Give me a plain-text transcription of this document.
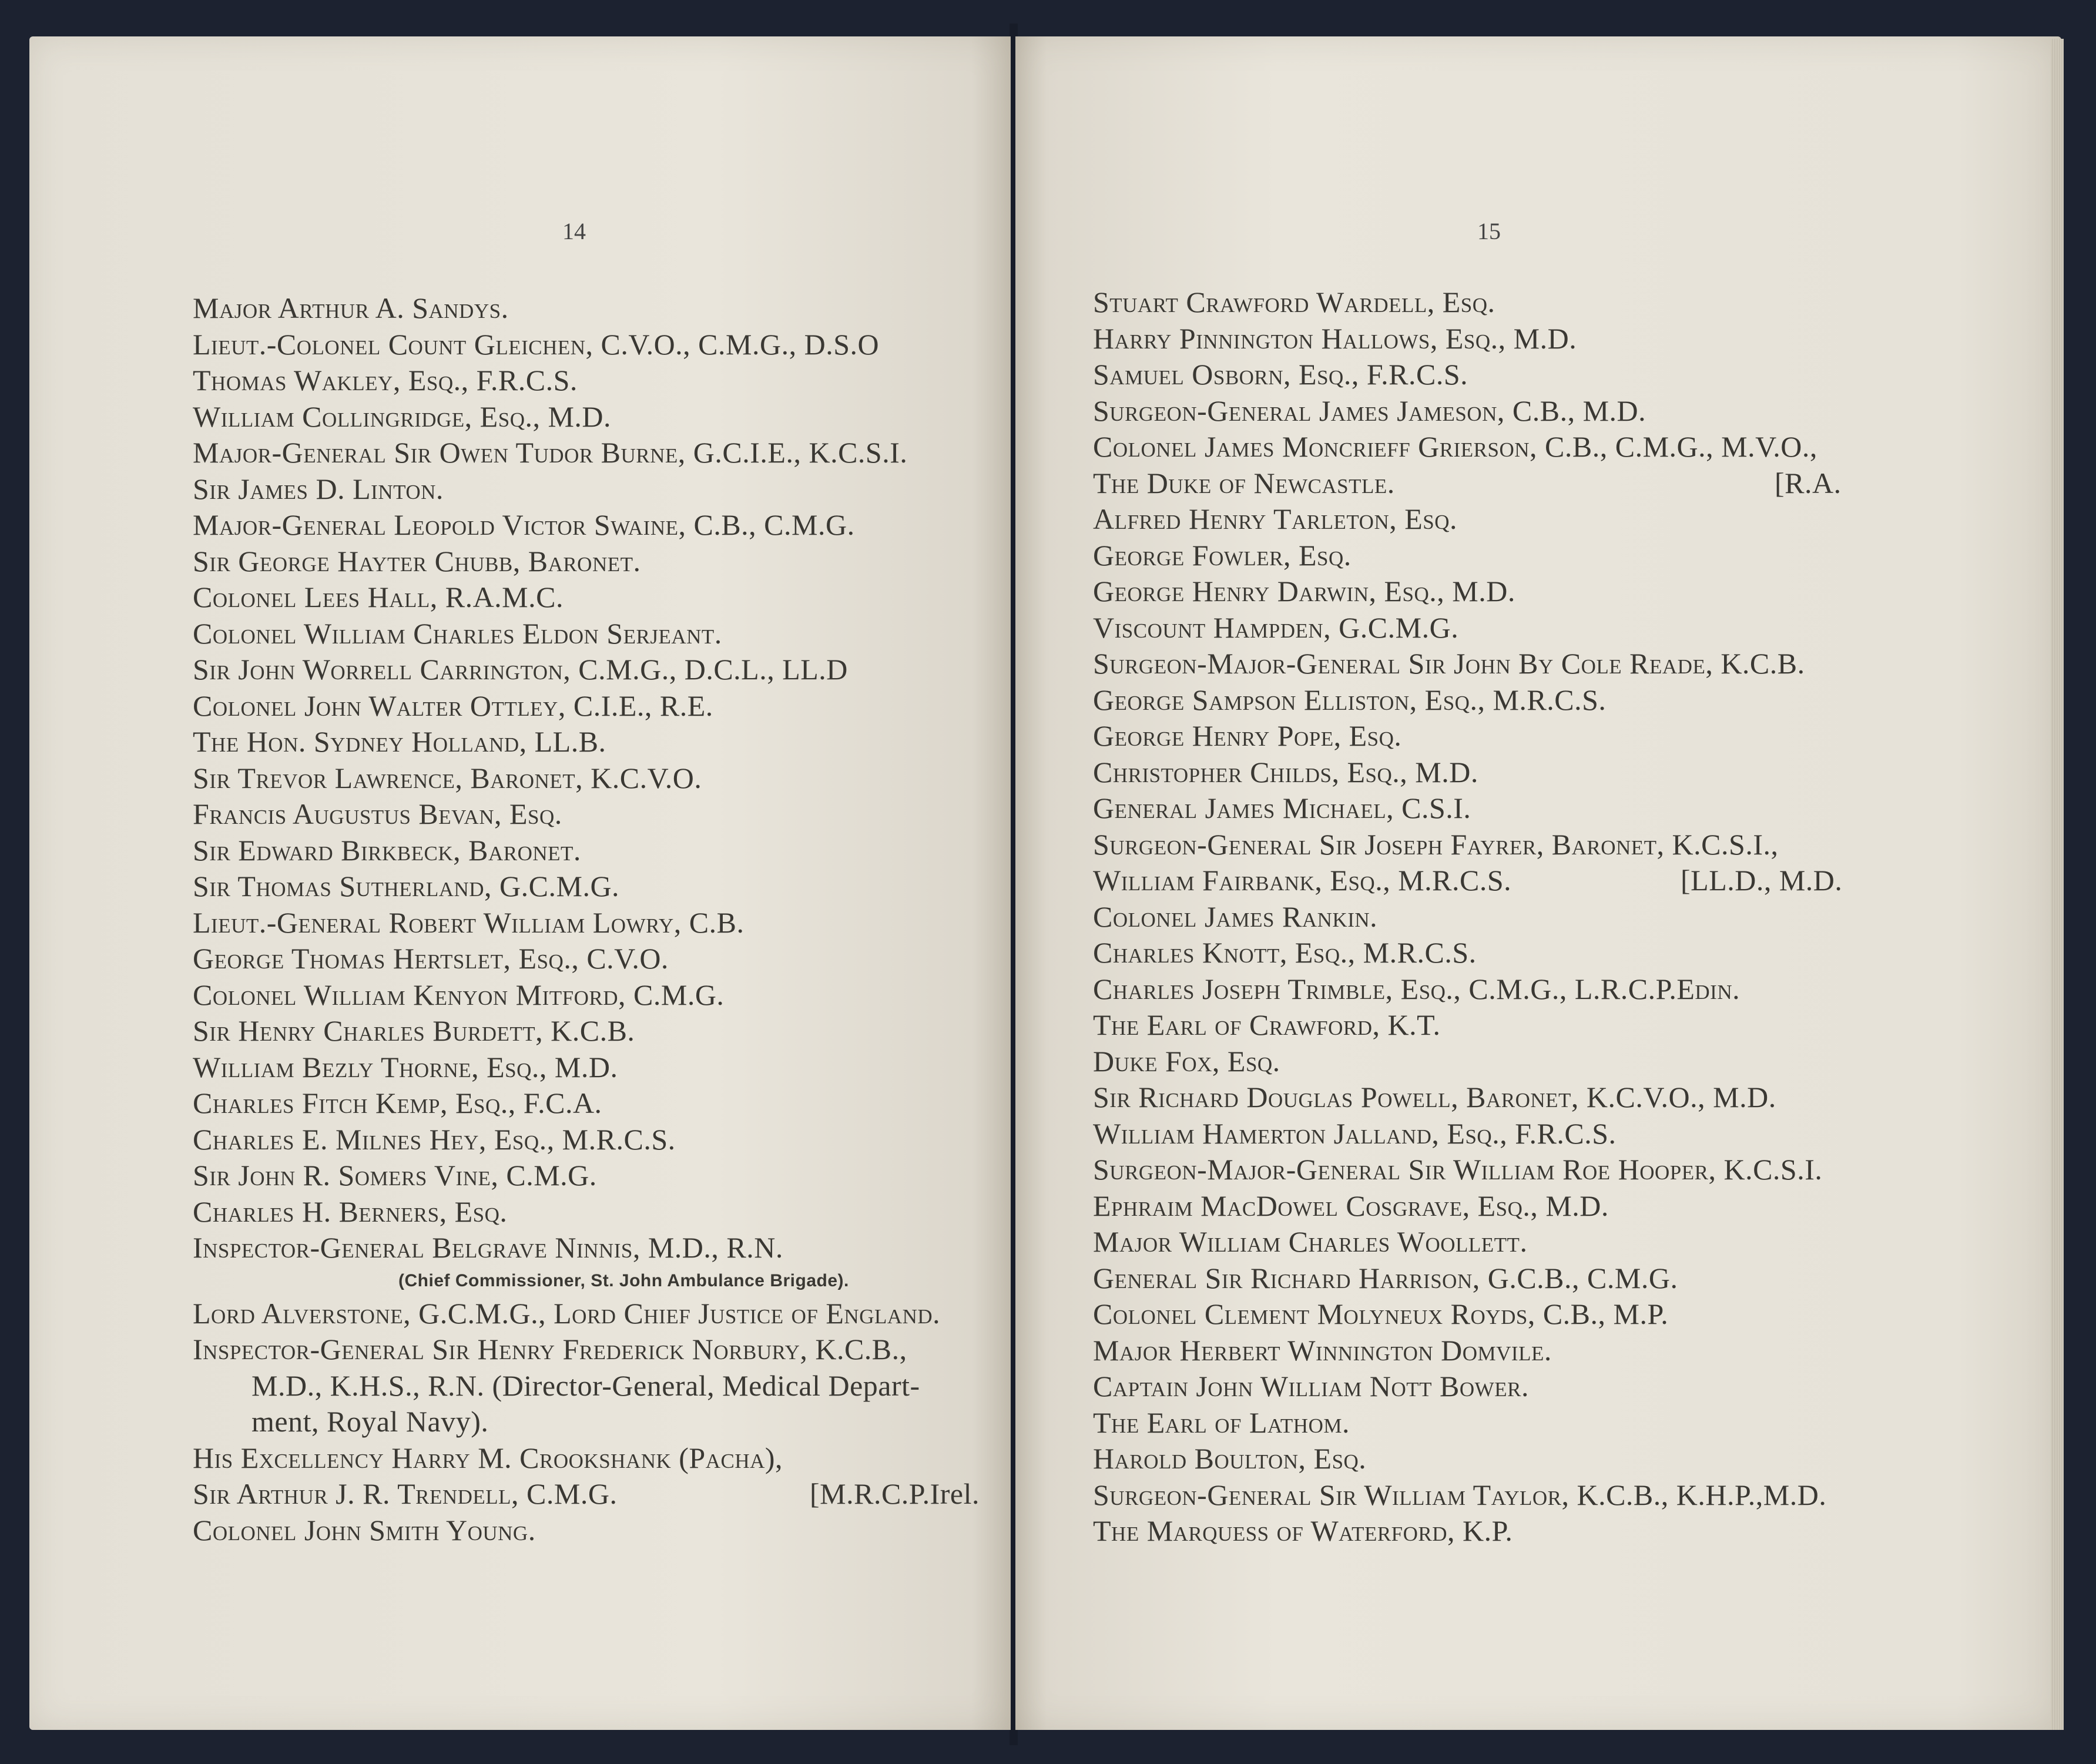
14	15
Major Arthur A. Sandys.
Lieut.-Colonel Count Gleichen, C.V.O., C.M.G., D.S.O
Thomas Wakley, Esq., F.R.C.S.
William Collingridge, Esq., M.D.
Major-General Sir Owen Tudor Burne, G.C.I.E., K.C.S.I.
Sir James D. Linton.
Major-General Leopold Victor Swaine, C.B., C.M.G.
Sir George Hayter Chubb, Baronet.
Colonel Lees Hall, R.A.M.C.
Colonel William Charles Eldon Serjeant.
Sir John Worrell Carrington, C.M.G., D.C.L., LL.D
Colonel John Walter Ottley, C.I.E., R.E.
The Hon. Sydney Holland, LL.B.
Sir Trevor Lawrence, Baronet, K.C.V.O.
Francis Augustus Bevan, Esq.
Sir Edward Birkbeck, Baronet.
Sir Thomas Sutherland, G.C.M.G.
Lieut.-General Robert William Lowry, C.B.
George Thomas Hertslet, Esq., C.V.O.
Colonel William Kenyon Mitford, C.M.G.
Sir Henry Charles Burdett, K.C.B.
William Bezly Thorne, Esq., M.D.
Charles Fitch Kemp, Esq., F.C.A.
Charles E. Milnes Hey, Esq., M.R.C.S.
Sir John R. Somers Vine, C.M.G.
Charles H. Berners, Esq.
Inspector-General Belgrave Ninnis, M.D., R.N.
(Chief Commissioner, St. John Ambulance Brigade).
Lord Alverstone, G.C.M.G., Lord Chief Justice of England.
Inspector-General Sir Henry Frederick Norbury, K.C.B.,
M.D., K.H.S., R.N. (Director-General, Medical Depart-
ment, Royal Navy).
His Excellency Harry M. Crookshank (Pacha),
Sir Arthur J. R. Trendell, C.M.G.	[M.R.C.P.Irel.
Colonel John Smith Young.
Stuart Crawford Wardell, Esq.
Harry Pinnington Hallows, Esq., M.D.
Samuel Osborn, Esq., F.R.C.S.
Surgeon-General James Jameson, C.B., M.D.
Colonel James Moncrieff Grierson, C.B., C.M.G., M.V.O.,
The Duke of Newcastle.	[R.A.
Alfred Henry Tarleton, Esq.
George Fowler, Esq.
George Henry Darwin, Esq., M.D.
Viscount Hampden, G.C.M.G.
Surgeon-Major-General Sir John By Cole Reade, K.C.B.
George Sampson Elliston, Esq., M.R.C.S.
George Henry Pope, Esq.
Christopher Childs, Esq., M.D.
General James Michael, C.S.I.
Surgeon-General Sir Joseph Fayrer, Baronet, K.C.S.I.,
William Fairbank, Esq., M.R.C.S.	[LL.D., M.D.
Colonel James Rankin.
Charles Knott, Esq., M.R.C.S.
Charles Joseph Trimble, Esq., C.M.G., L.R.C.P.Edin.
The Earl of Crawford, K.T.
Duke Fox, Esq.
Sir Richard Douglas Powell, Baronet, K.C.V.O., M.D.
William Hamerton Jalland, Esq., F.R.C.S.
Surgeon-Major-General Sir William Roe Hooper, K.C.S.I.
Ephraim MacDowel Cosgrave, Esq., M.D.
Major William Charles Woollett.
General Sir Richard Harrison, G.C.B., C.M.G.
Colonel Clement Molyneux Royds, C.B., M.P.
Major Herbert Winnington Domvile.
Captain John William Nott Bower.
The Earl of Lathom.
Harold Boulton, Esq.
Surgeon-General Sir William Taylor, K.C.B., K.H.P.,M.D.
The Marquess of Waterford, K.P.
